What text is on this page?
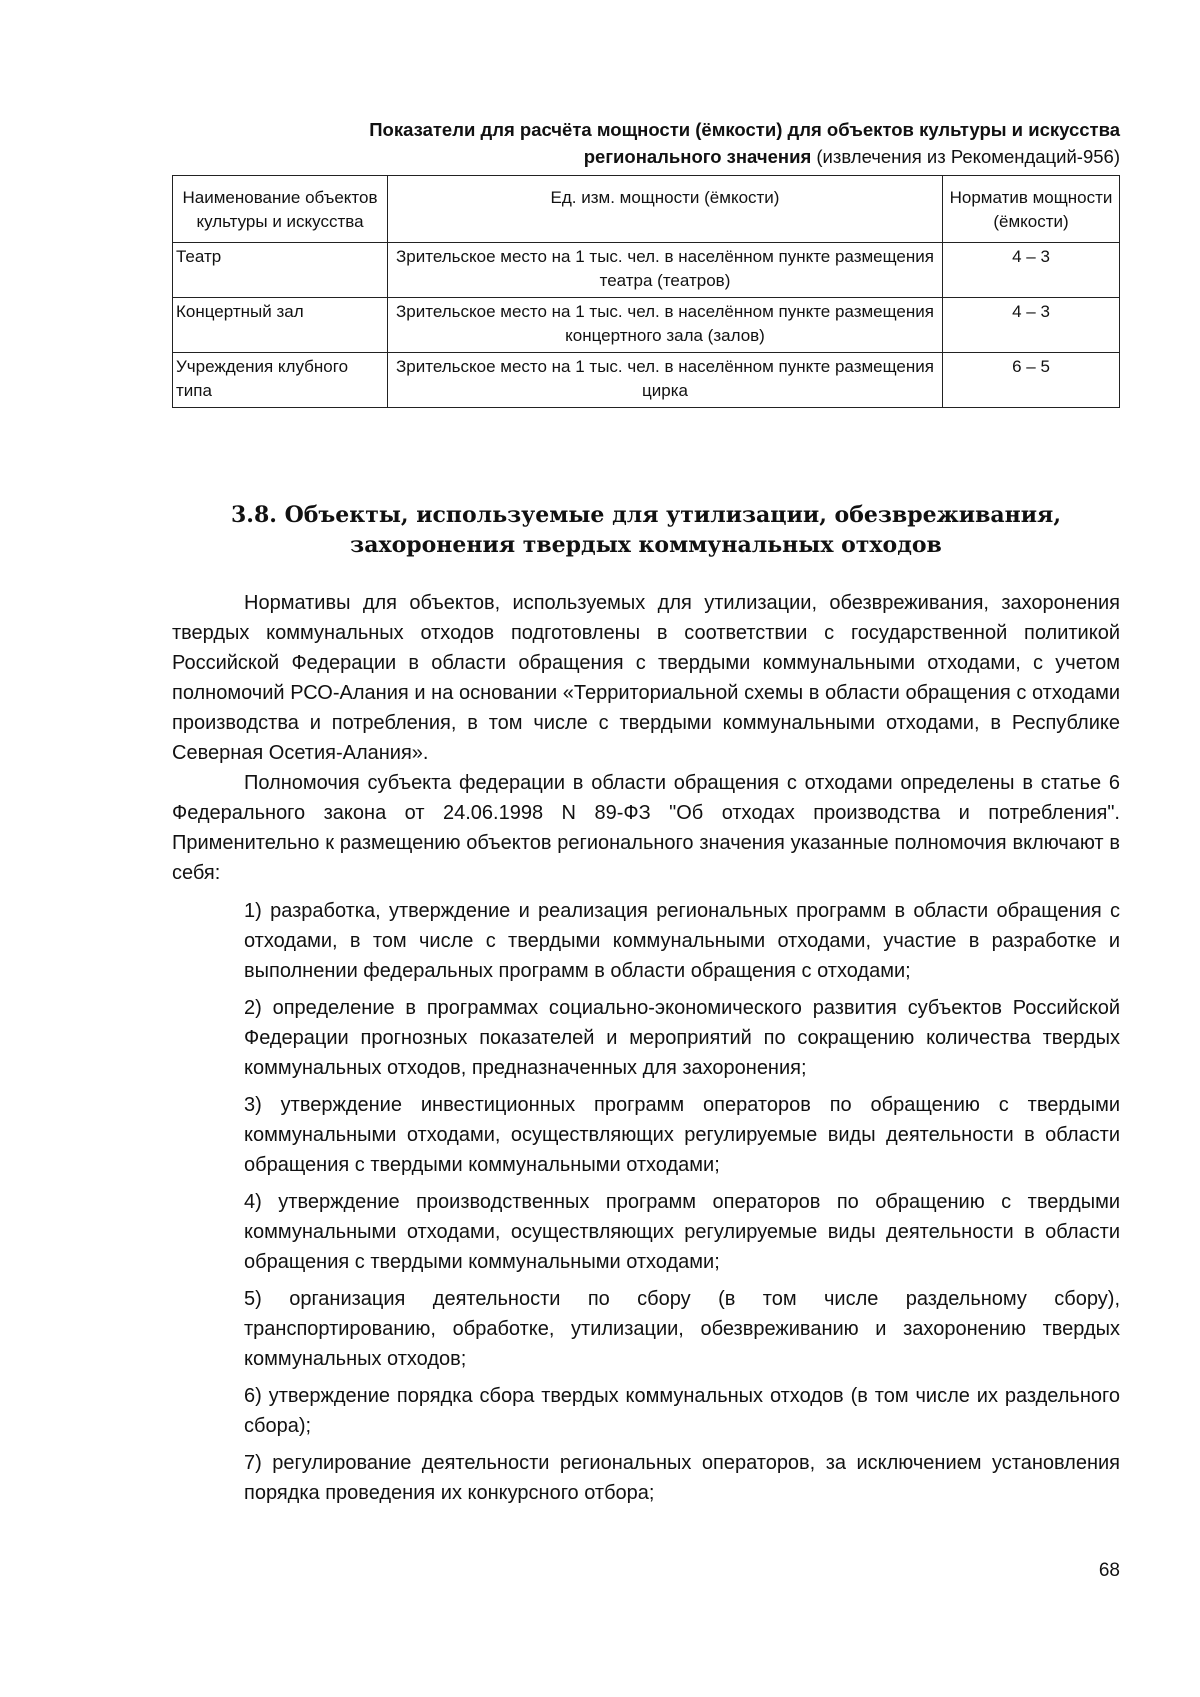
Показатели для расчёта мощности (ёмкости) для объектов культуры и искусства
регионального значения (извлечения из Рекомендаций-956)
Наименование объектов культуры и искусства	Ед. изм. мощности (ёмкости)	Норматив мощности (ёмкости)
Театр	Зрительское место на 1 тыс. чел. в населённом пункте размещения театра (театров)	4 – 3
Концертный зал	Зрительское место на 1 тыс. чел. в населённом пункте размещения концертного зала (залов)	4 – 3
Учреждения клубного типа	Зрительское место на 1 тыс. чел. в населённом пункте размещения цирка	6 – 5
3.8. Объекты, используемые для утилизации, обезвреживания,
захоронения твердых коммунальных отходов

Нормативы для объектов, используемых для утилизации, обезвреживания, захоронения твердых коммунальных отходов подготовлены в соответствии с государственной политикой Российской Федерации в области обращения с твердыми коммунальными отходами, с учетом полномочий РСО-Алания и на основании «Территориальной схемы в области обращения с отходами производства и потребления, в том числе с твердыми коммунальными отходами, в Республике Северная Осетия-Алания».

Полномочия субъекта федерации в области обращения с отходами определены в статье 6 Федерального закона от 24.06.1998 N 89-ФЗ "Об отходах производства и потребления". Применительно к размещению объектов регионального значения указанные полномочия включают в себя:

1) разработка, утверждение и реализация региональных программ в области обращения с отходами, в том числе с твердыми коммунальными отходами, участие в разработке и выполнении федеральных программ в области обращения с отходами;
2) определение в программах социально-экономического развития субъектов Российской Федерации прогнозных показателей и мероприятий по сокращению количества твердых коммунальных отходов, предназначенных для захоронения;
3) утверждение инвестиционных программ операторов по обращению с твердыми коммунальными отходами, осуществляющих регулируемые виды деятельности в области обращения с твердыми коммунальными отходами;
4) утверждение производственных программ операторов по обращению с твердыми коммунальными отходами, осуществляющих регулируемые виды деятельности в области обращения с твердыми коммунальными отходами;
5) организация деятельности по сбору (в том числе раздельному сбору), транспортированию, обработке, утилизации, обезвреживанию и захоронению твердых коммунальных отходов;
6) утверждение порядка сбора твердых коммунальных отходов (в том числе их раздельного сбора);
7) регулирование деятельности региональных операторов, за исключением установления порядка проведения их конкурсного отбора;
68
